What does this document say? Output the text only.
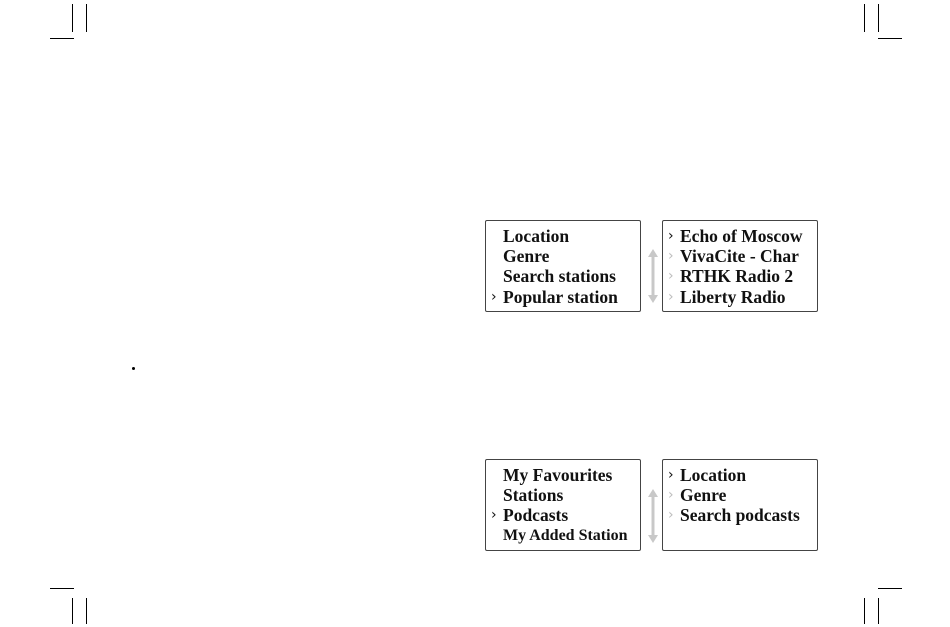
Location
Genre
Search stations
› Popular station
› Echo of Moscow
› VivaCite - Char
› RTHK Radio 2
› Liberty Radio
My Favourites
Stations
› Podcasts
My Added Station
› Location
› Genre
› Search podcasts
